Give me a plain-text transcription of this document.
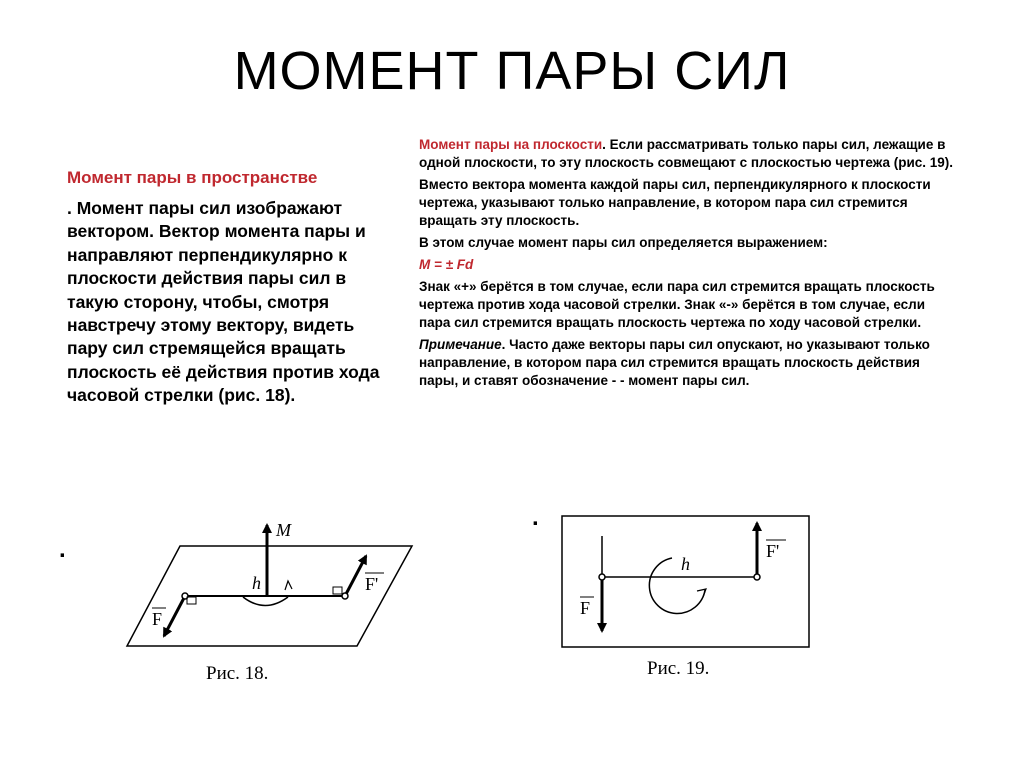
МОМЕНТ ПАРЫ СИЛ
Момент пары в пространстве
. Момент пары сил изображают вектором. Вектор момента пары и направляют перпендикулярно к плоскости действия пары сил в такую сторону, чтобы, смотря навстречу этому вектору, видеть пару сил стремящейся вращать плоскость её действия против хода часовой стрелки (рис. 18).

Момент пары на плоскости. Если рассматривать только пары сил, лежащие в одной плоскости, то эту плоскость совмещают с плоскостью чертежа (рис. 19).

Вместо вектора момента каждой пары сил, перпендикулярного к плоскости чертежа, указывают только направление, в котором пара сил стремится вращать эту плоскость.

В этом случае момент пары сил определяется выражением:

M = ± Fd

Знак «+» берётся в том случае, если пара сил стремится вращать плоскость чертежа против хода часовой стрелки. Знак «-» берётся в том случае, если пара сил стремится вращать плоскость чертежа по ходу часовой стрелки.

Примечание. Часто даже векторы пары сил опускают, но указывают только направление, в котором пара сил стремится вращать плоскость действия пары, и ставят обозначение - - момент пары сил.

.
.
M
h
F
F'
Рис. 18.
h
F
F'
Рис. 19.
